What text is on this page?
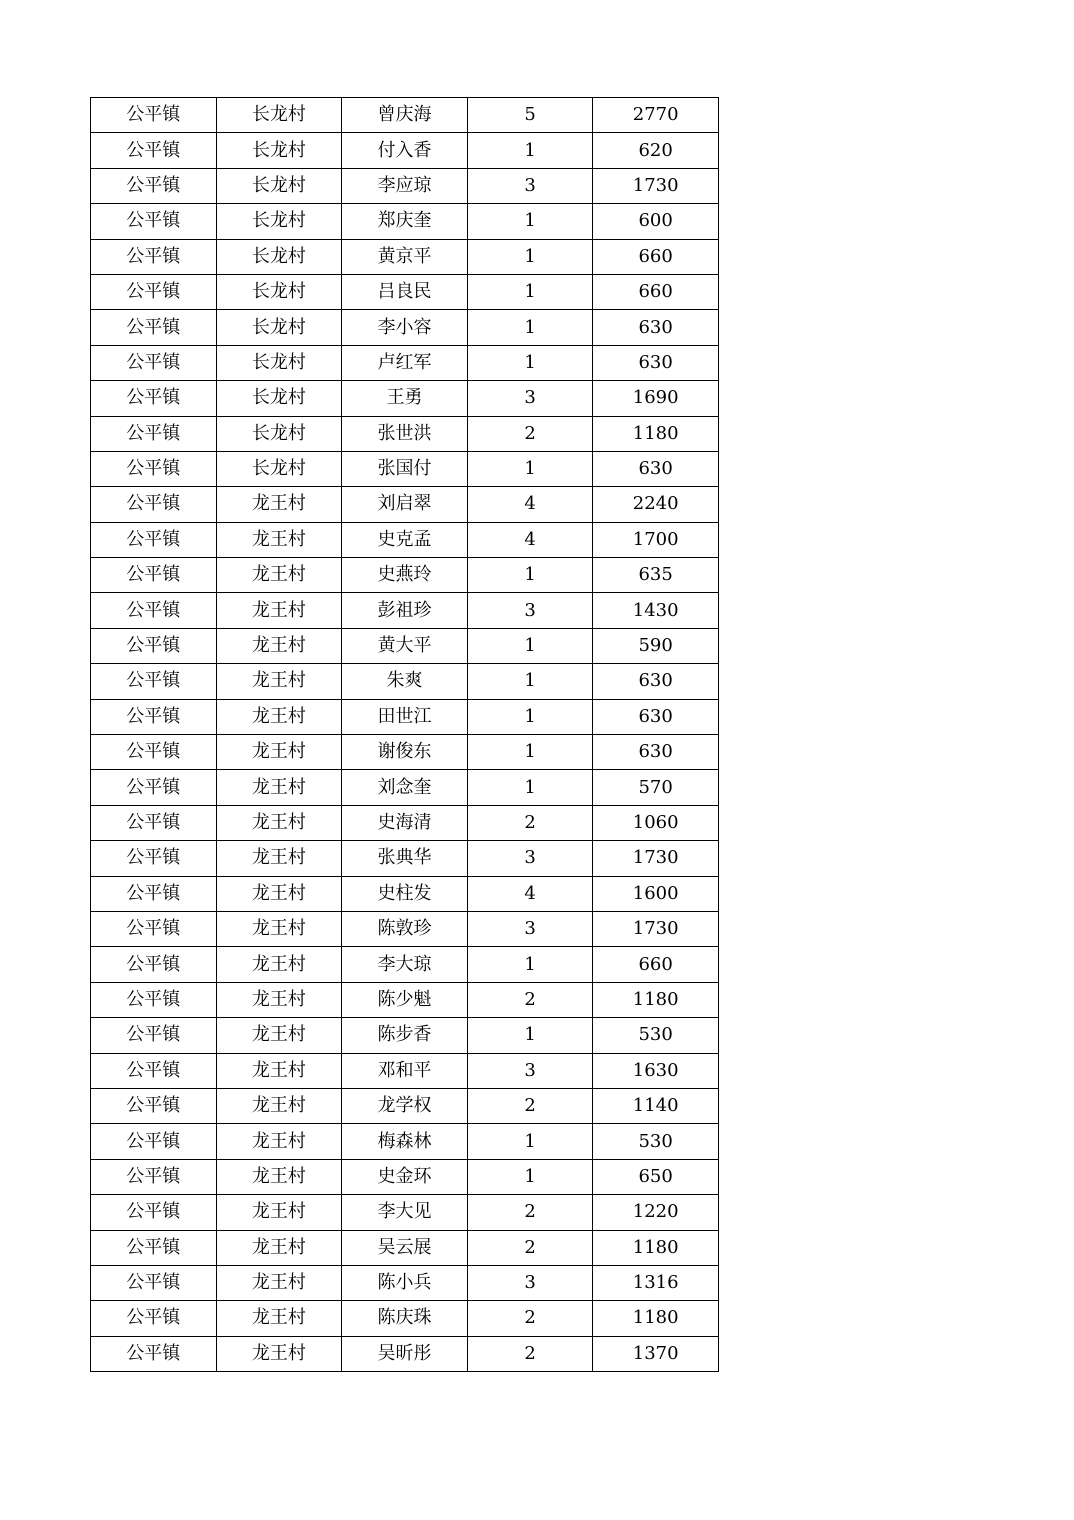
公平镇	长龙村	曾庆海	5	2770
公平镇	长龙村	付入香	1	620
公平镇	长龙村	李应琼	3	1730
公平镇	长龙村	郑庆奎	1	600
公平镇	长龙村	黄京平	1	660
公平镇	长龙村	吕良民	1	660
公平镇	长龙村	李小容	1	630
公平镇	长龙村	卢红军	1	630
公平镇	长龙村	王勇	3	1690
公平镇	长龙村	张世洪	2	1180
公平镇	长龙村	张国付	1	630
公平镇	龙王村	刘启翠	4	2240
公平镇	龙王村	史克孟	4	1700
公平镇	龙王村	史燕玲	1	635
公平镇	龙王村	彭祖珍	3	1430
公平镇	龙王村	黄大平	1	590
公平镇	龙王村	朱爽	1	630
公平镇	龙王村	田世江	1	630
公平镇	龙王村	谢俊东	1	630
公平镇	龙王村	刘念奎	1	570
公平镇	龙王村	史海清	2	1060
公平镇	龙王村	张典华	3	1730
公平镇	龙王村	史柱发	4	1600
公平镇	龙王村	陈敦珍	3	1730
公平镇	龙王村	李大琼	1	660
公平镇	龙王村	陈少魁	2	1180
公平镇	龙王村	陈步香	1	530
公平镇	龙王村	邓和平	3	1630
公平镇	龙王村	龙学权	2	1140
公平镇	龙王村	梅森林	1	530
公平镇	龙王村	史金环	1	650
公平镇	龙王村	李大见	2	1220
公平镇	龙王村	吴云展	2	1180
公平镇	龙王村	陈小兵	3	1316
公平镇	龙王村	陈庆珠	2	1180
公平镇	龙王村	吴昕彤	2	1370
